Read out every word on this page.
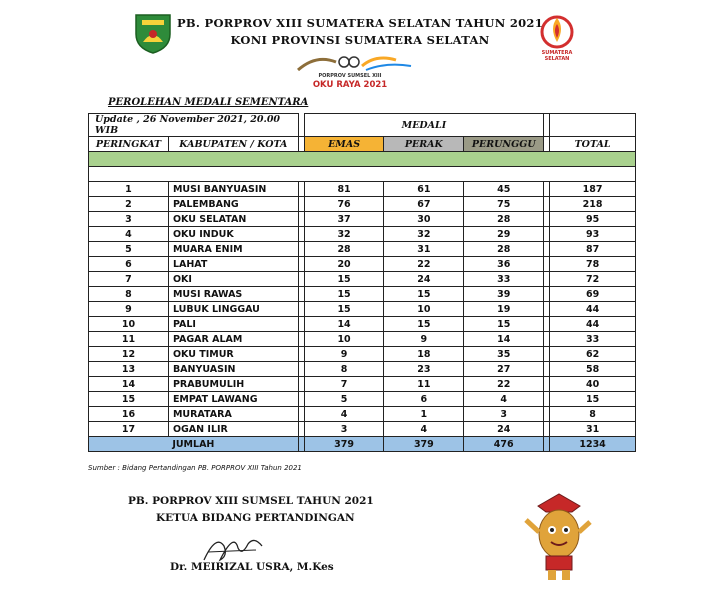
SUMATERA SELATAN
PB. PORPROV XIII SUMATERA SELATAN TAHUN 2021
KONI PROVINSI SUMATERA SELATAN
PORPROV SUMSEL XIII
OKU RAYA 2021
PEROLEHAN MEDALI SEMENTARA
Update , 26 November 2021, 20.00 WIB			MEDALI				
PERINGKAT	KABUPATEN / KOTA		EMAS	PERAK	PERUNGGU		TOTAL

1	MUSI BANYUASIN		81	61	45		187
2	PALEMBANG		76	67	75		218
3	OKU SELATAN		37	30	28		95
4	OKU INDUK		32	32	29		93
5	MUARA ENIM		28	31	28		87
6	LAHAT		20	22	36		78
7	OKI		15	24	33		72
8	MUSI RAWAS		15	15	39		69
9	LUBUK LINGGAU		15	10	19		44
10	PALI		14	15	15		44
11	PAGAR ALAM		10	9	14		33
12	OKU TIMUR		9	18	35		62
13	BANYUASIN		8	23	27		58
14	PRABUMULIH		7	11	22		40
15	EMPAT LAWANG		5	6	4		15
16	MURATARA		4	1	3		8
17	OGAN ILIR		3	4	24		31
JUMLAH			379	379	476		1234
Sumber : Bidang Pertandingan PB. PORPROV XIII Tahun 2021
PB. PORPROV XIII SUMSEL TAHUN 2021
KETUA BIDANG PERTANDINGAN
Dr. MEIRIZAL USRA, M.Kes
